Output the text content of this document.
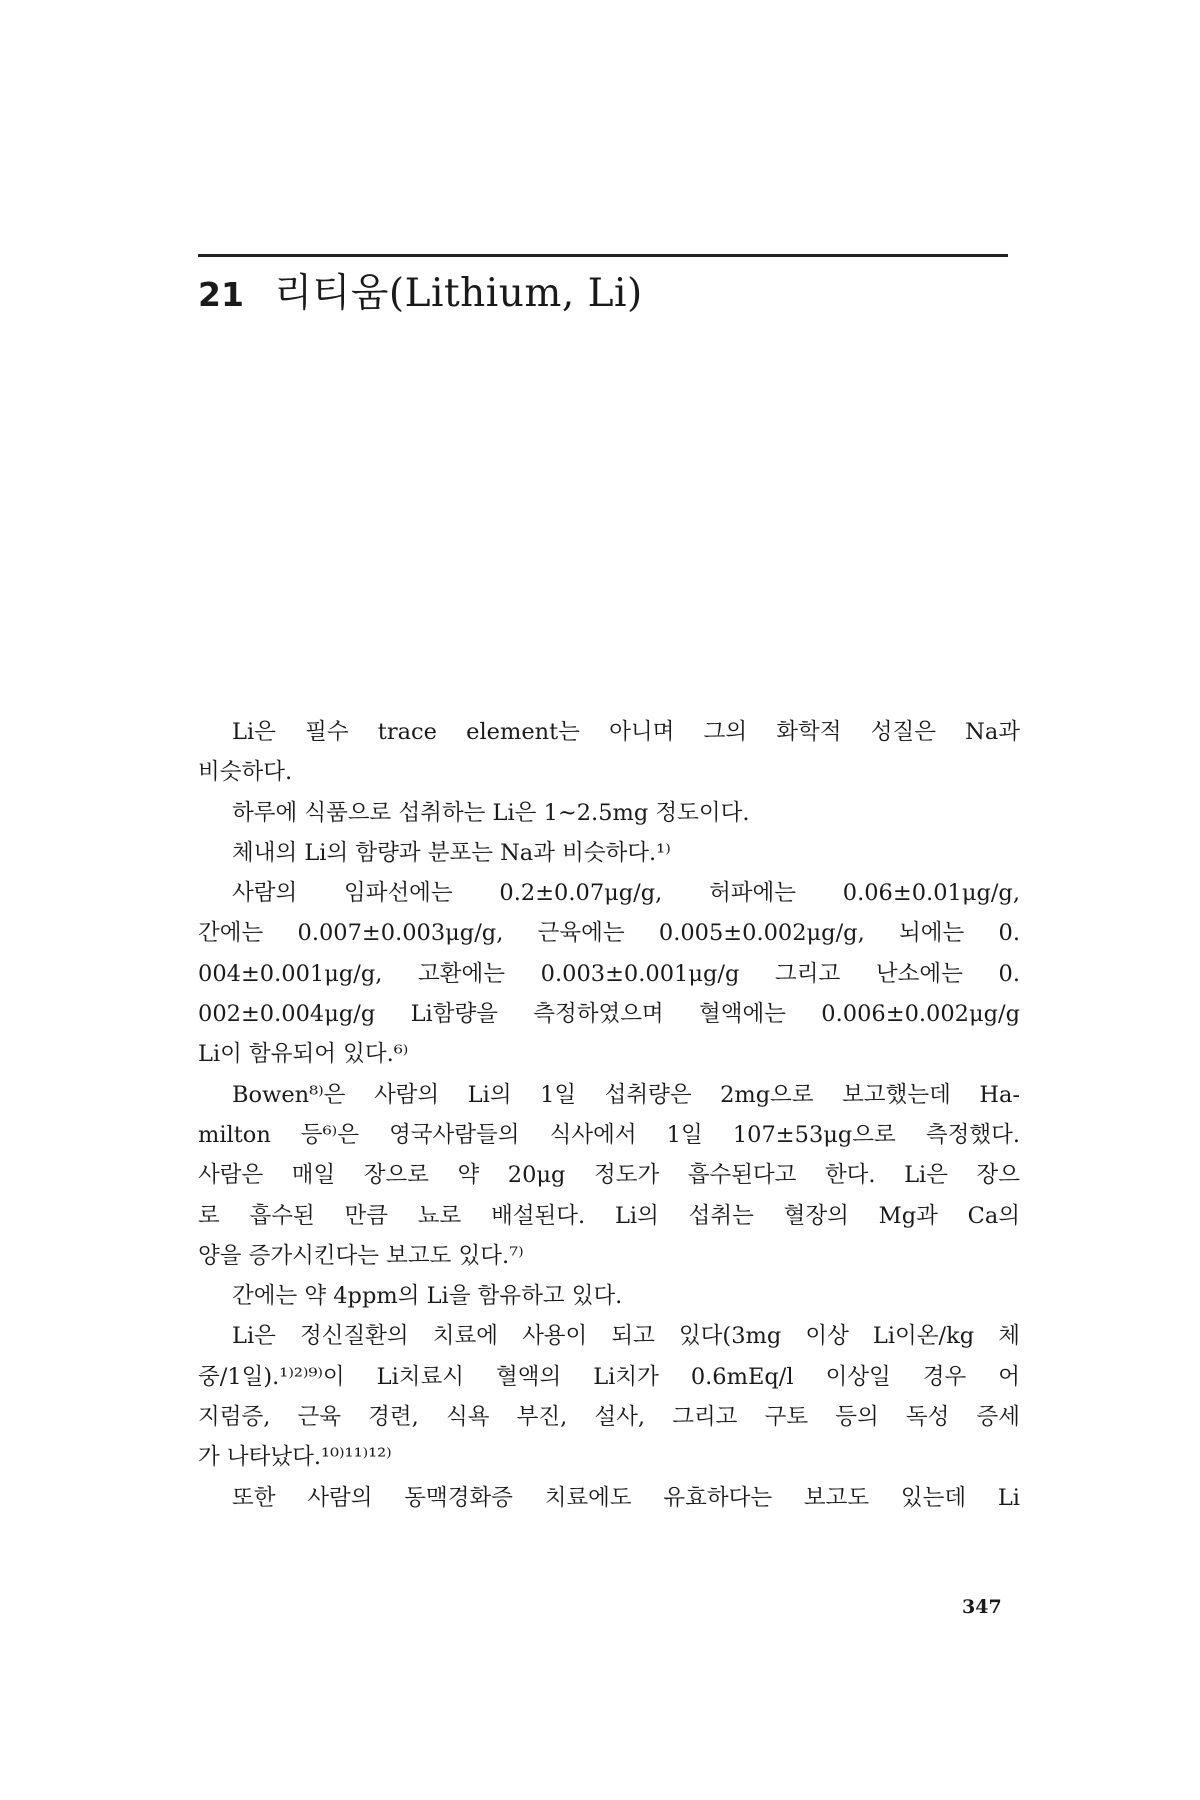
21 리티움(Lithium, Li)
Li은 필수 trace element는 아니며 그의 화학적 성질은 Na과
비슷하다.
하루에 식품으로 섭취하는 Li은 1~2.5mg 정도이다.
체내의 Li의 함량과 분포는 Na과 비슷하다.¹⁾
사람의 임파선에는 0.2±0.07μg/g, 허파에는 0.06±0.01μg/g,
간에는 0.007±0.003μg/g, 근육에는 0.005±0.002μg/g, 뇌에는 0.
004±0.001μg/g, 고환에는 0.003±0.001μg/g 그리고 난소에는 0.
002±0.004μg/g Li함량을 측정하였으며 혈액에는 0.006±0.002μg/g
Li이 함유되어 있다.⁶⁾
Bowen⁸⁾은 사람의 Li의 1일 섭취량은 2mg으로 보고했는데 Ha-
milton 등⁶⁾은 영국사람들의 식사에서 1일 107±53μg으로 측정했다.
사람은 매일 장으로 약 20μg 정도가 흡수된다고 한다. Li은 장으
로 흡수된 만큼 뇨로 배설된다. Li의 섭취는 혈장의 Mg과 Ca의
양을 증가시킨다는 보고도 있다.⁷⁾
간에는 약 4ppm의 Li을 함유하고 있다.
Li은 정신질환의 치료에 사용이 되고 있다(3mg 이상 Li이온/kg 체
중/1일).¹⁾²⁾⁹⁾이 Li치료시 혈액의 Li치가 0.6mEq/l 이상일 경우 어
지럼증, 근육 경련, 식욕 부진, 설사, 그리고 구토 등의 독성 증세
가 나타났다.¹⁰⁾¹¹⁾¹²⁾
또한 사람의 동맥경화증 치료에도 유효하다는 보고도 있는데 Li
347
